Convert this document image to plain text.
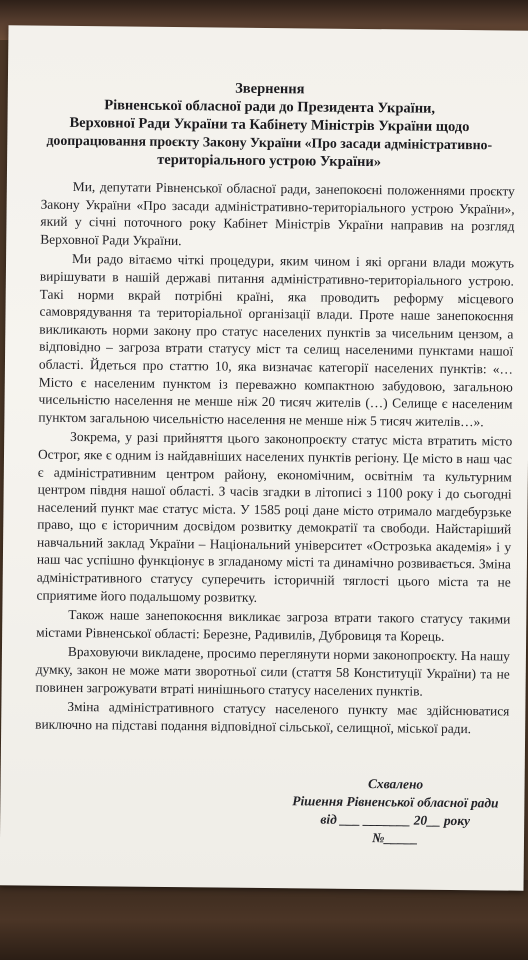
Звернення
Рівненської обласної ради до Президента України,
Верховної Ради України та Кабінету Міністрів України щодо
доопрацювання проєкту Закону України «Про засади адміністративно-
територіального устрою України»

Ми, депутати Рівненської обласної ради, занепокоєні положеннями проєкту Закону України «Про засади адміністративно-територіального устрою України», який у січні поточного року Кабінет Міністрів України направив на розгляд Верховної Ради України.

Ми радо вітаємо чіткі процедури, яким чином і які органи влади можуть вирішувати в нашій державі питання адміністративно-територіального устрою. Такі норми вкрай потрібні країні, яка проводить реформу місцевого самоврядування та територіальної організації влади. Проте наше занепокоєння викликають норми закону про статус населених пунктів за чисельним цензом, а відповідно – загроза втрати статусу міст та селищ населеними пунктами нашої області. Йдеться про статтю 10, яка визначає категорії населених пунктів: «… Місто є населеним пунктом із переважно компактною забудовою, загальною чисельністю населення не менше ніж 20 тисяч жителів (…) Селище є населеним пунктом загальною чисельністю населення не менше ніж 5 тисяч жителів…».

Зокрема, у разі прийняття цього законопроєкту статус міста втратить місто Острог, яке є одним із найдавніших населених пунктів регіону. Це місто в наш час є адміністративним центром району, економічним, освітнім та культурним центром півдня нашої області. З часів згадки в літописі з 1100 року і до сьогодні населений пункт має статус міста. У 1585 році дане місто отримало магдебурзьке право, що є історичним досвідом розвитку демократії та свободи. Найстаріший навчальний заклад України – Національний університет «Острозька академія» і у наш час успішно функціонує в згладаному місті та динамічно розвивається. Зміна адміністративного статусу суперечить історичній тяглості цього міста та не сприятиме його подальшому розвитку.

Також наше занепокоєння викликає загроза втрати такого статусу такими містами Рівненської області: Березне, Радивилів, Дубровиця та Корець.

Враховуючи викладене, просимо переглянути норми законопроєкту. На нашу думку, закон не може мати зворотньої сили (стаття 58 Конституції України) та не повинен загрожувати втраті нинішнього статусу населених пунктів.

Зміна адміністративного статусу населеного пункту має здійснюватися виключно на підставі подання відповідної сільської, селищної, міської ради.

Схвалено
Рішення Рівненської обласної ради
від ___ _______ 20__ року
№_____
